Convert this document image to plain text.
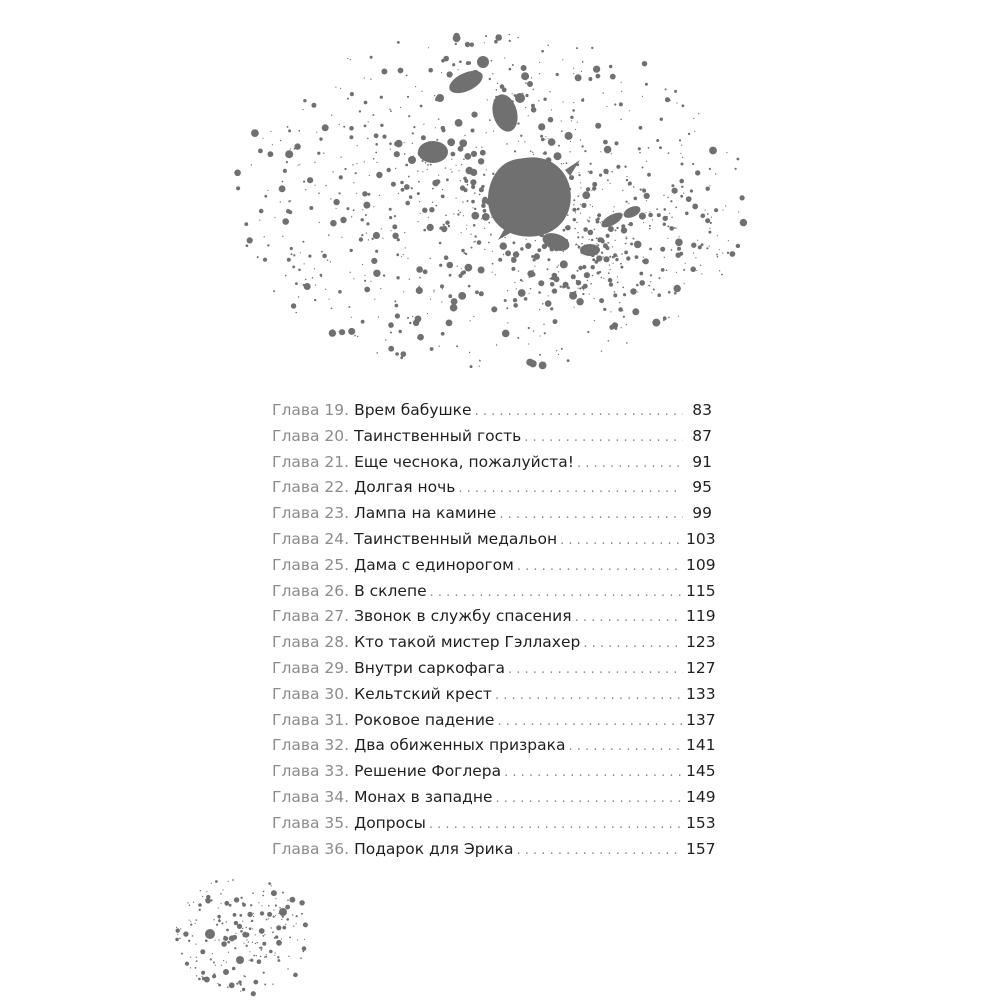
Глава 19. Врем бабушке . . .	83
Глава 20. Таинственный гость . . .	87
Глава 21. Еще чеснока, пожалуйста! . . .	91
Глава 22. Долгая ночь . . .	95
Глава 23. Лампа на камине . . .	99
Глава 24. Таинственный медальон . . .	103
Глава 25. Дама с единорогом . . .	109
Глава 26. В склепе . . .	115
Глава 27. Звонок в службу спасения . . .	119
Глава 28. Кто такой мистер Гэллахер . . .	123
Глава 29. Внутри саркофага . . .	127
Глава 30. Кельтский крест . . .	133
Глава 31. Роковое падение . . .	137
Глава 32. Два обиженных призрака . . .	141
Глава 33. Решение Фоглера . . .	145
Глава 34. Монах в западне . . .	149
Глава 35. Допросы . . .	153
Глава 36. Подарок для Эрика . . .	157
